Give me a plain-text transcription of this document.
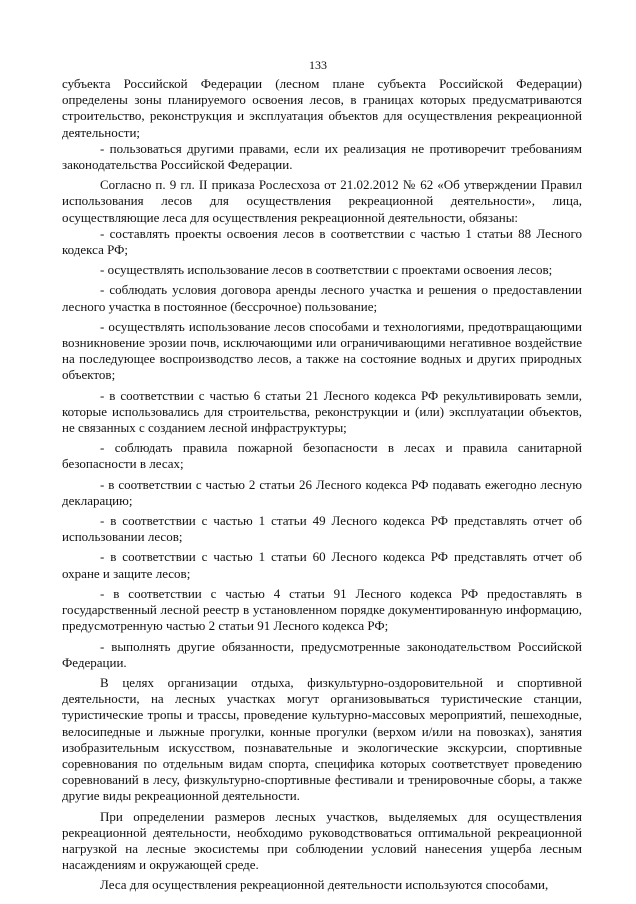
133

субъекта Российской Федерации (лесном плане субъекта Российской Федерации) определены зоны планируемого освоения лесов, в границах которых предусматриваются строительство, реконструкция и эксплуатация объектов для осуществления рекреационной деятельности;

- пользоваться другими правами, если их реализация не противоречит требованиям законодательства Российской Федерации.

Согласно п. 9 гл. II приказа Рослесхоза от 21.02.2012 № 62 «Об утверждении Правил использования лесов для осуществления рекреационной деятельности», лица, осуществляющие леса для осуществления рекреационной деятельности, обязаны:

- составлять проекты освоения лесов в соответствии с частью 1 статьи 88 Лесного кодекса РФ;

- осуществлять использование лесов в соответствии с проектами освоения лесов;

- соблюдать условия договора аренды лесного участка и решения о предоставлении лесного участка в постоянное (бессрочное) пользование;

- осуществлять использование лесов способами и технологиями, предотвращающими возникновение эрозии почв, исключающими или ограничивающими негативное воздействие на последующее воспроизводство лесов, а также на состояние водных и других природных объектов;

- в соответствии с частью 6 статьи 21 Лесного кодекса РФ рекультивировать земли, которые использовались для строительства, реконструкции и (или) эксплуатации объектов, не связанных с созданием лесной инфраструктуры;

- соблюдать правила пожарной безопасности в лесах и правила санитарной безопасности в лесах;

- в соответствии с частью 2 статьи 26 Лесного кодекса РФ подавать ежегодно лесную декларацию;

- в соответствии с частью 1 статьи 49 Лесного кодекса РФ представлять отчет об использовании лесов;

- в соответствии с частью 1 статьи 60 Лесного кодекса РФ представлять отчет об охране и защите лесов;

- в соответствии с частью 4 статьи 91 Лесного кодекса РФ предоставлять в государственный лесной реестр в установленном порядке документированную информацию, предусмотренную частью 2 статьи 91 Лесного кодекса РФ;

- выполнять другие обязанности, предусмотренные законодательством Российской Федерации.

В целях организации отдыха, физкультурно-оздоровительной и спортивной деятельности, на лесных участках могут организовываться туристические станции, туристические тропы и трассы, проведение культурно-массовых мероприятий, пешеходные, велосипедные и лыжные прогулки, конные прогулки (верхом и/или на повозках), занятия изобразительным искусством, познавательные и экологические экскурсии, спортивные соревнования по отдельным видам спорта, специфика которых соответствует проведению соревнований в лесу, физкультурно-спортивные фестивали и тренировочные сборы, а также другие виды рекреационной деятельности.

При определении размеров лесных участков, выделяемых для осуществления рекреационной деятельности, необходимо руководствоваться оптимальной рекреационной нагрузкой на лесные экосистемы при соблюдении условий нанесения ущерба лесным насаждениям и окружающей среде.

Леса для осуществления рекреационной деятельности используются способами,
